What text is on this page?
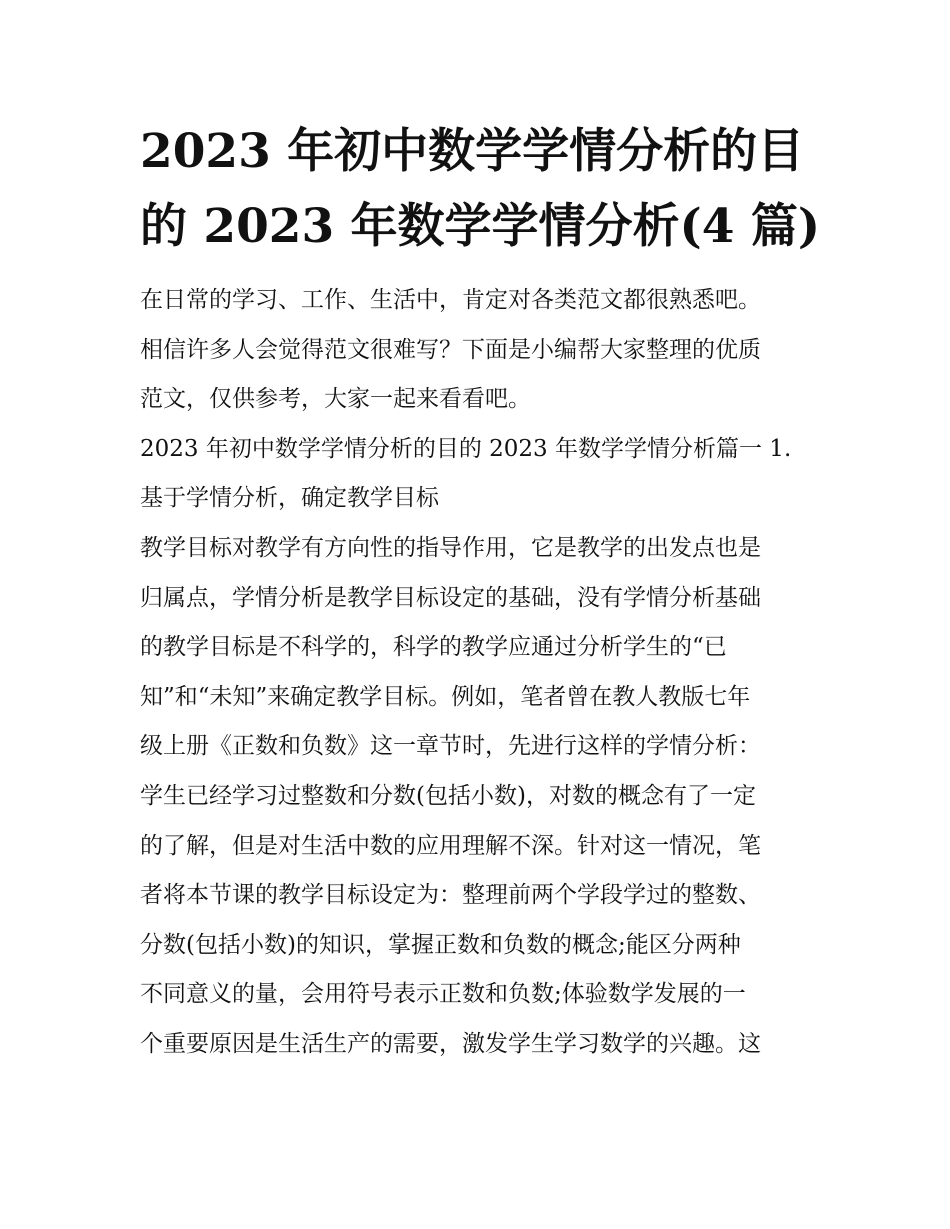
2023 年初中数学学情分析的目
的 2023 年数学学情分析(4 篇)
在日常的学习、工作、生活中，肯定对各类范文都很熟悉吧。
相信许多人会觉得范文很难写？下面是小编帮大家整理的优质
范文，仅供参考，大家一起来看看吧。
2023 年初中数学学情分析的目的 2023 年数学学情分析篇一 1.
基于学情分析，确定教学目标
教学目标对教学有方向性的指导作用，它是教学的出发点也是
归属点，学情分析是教学目标设定的基础，没有学情分析基础
的教学目标是不科学的，科学的教学应通过分析学生的“已
知”和“未知”来确定教学目标。例如，笔者曾在教人教版七年
级上册《正数和负数》这一章节时，先进行这样的学情分析：
学生已经学习过整数和分数(包括小数)，对数的概念有了一定
的了解，但是对生活中数的应用理解不深。针对这一情况，笔
者将本节课的教学目标设定为：整理前两个学段学过的整数、
分数(包括小数)的知识，掌握正数和负数的概念;能区分两种
不同意义的量，会用符号表示正数和负数;体验数学发展的一
个重要原因是生活生产的需要，激发学生学习数学的兴趣。这
